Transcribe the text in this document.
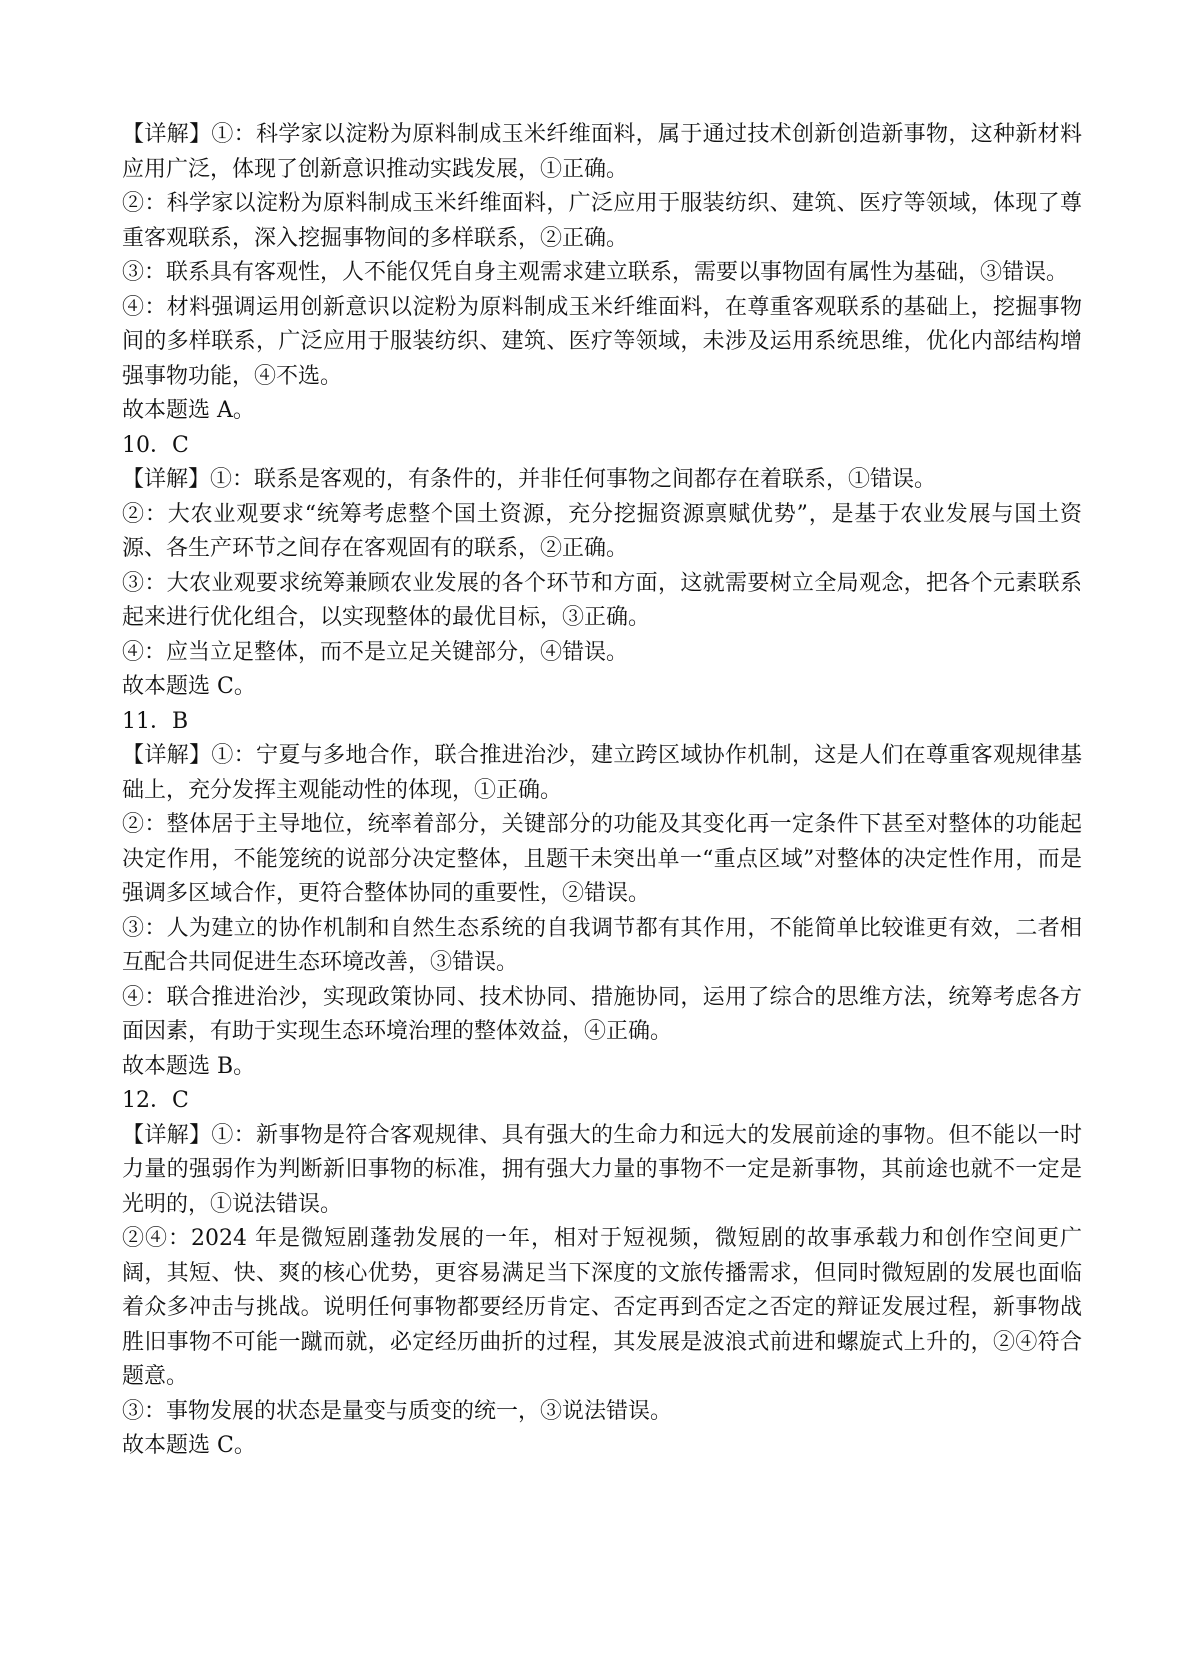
【详解】①：科学家以淀粉为原料制成玉米纤维面料，属于通过技术创新创造新事物，这种新材料应用广泛，体现了创新意识推动实践发展，①正确。

②：科学家以淀粉为原料制成玉米纤维面料，广泛应用于服装纺织、建筑、医疗等领域，体现了尊重客观联系，深入挖掘事物间的多样联系，②正确。

③：联系具有客观性，人不能仅凭自身主观需求建立联系，需要以事物固有属性为基础，③错误。

④：材料强调运用创新意识以淀粉为原料制成玉米纤维面料，在尊重客观联系的基础上，挖掘事物间的多样联系，广泛应用于服装纺织、建筑、医疗等领域，未涉及运用系统思维，优化内部结构增强事物功能，④不选。

故本题选 A。

10．C

【详解】①：联系是客观的，有条件的，并非任何事物之间都存在着联系，①错误。

②：大农业观要求“统筹考虑整个国土资源，充分挖掘资源禀赋优势”，是基于农业发展与国土资源、各生产环节之间存在客观固有的联系，②正确。

③：大农业观要求统筹兼顾农业发展的各个环节和方面，这就需要树立全局观念，把各个元素联系起来进行优化组合，以实现整体的最优目标，③正确。

④：应当立足整体，而不是立足关键部分，④错误。

故本题选 C。

11．B

【详解】①：宁夏与多地合作，联合推进治沙，建立跨区域协作机制，这是人们在尊重客观规律基础上，充分发挥主观能动性的体现，①正确。

②：整体居于主导地位，统率着部分，关键部分的功能及其变化再一定条件下甚至对整体的功能起决定作用，不能笼统的说部分决定整体，且题干未突出单一“重点区域”对整体的决定性作用，而是强调多区域合作，更符合整体协同的重要性，②错误。

③：人为建立的协作机制和自然生态系统的自我调节都有其作用，不能简单比较谁更有效，二者相互配合共同促进生态环境改善，③错误。

④：联合推进治沙，实现政策协同、技术协同、措施协同，运用了综合的思维方法，统筹考虑各方面因素，有助于实现生态环境治理的整体效益，④正确。

故本题选 B。

12．C

【详解】①：新事物是符合客观规律、具有强大的生命力和远大的发展前途的事物。但不能以一时力量的强弱作为判断新旧事物的标准，拥有强大力量的事物不一定是新事物，其前途也就不一定是光明的，①说法错误。

②④：2024 年是微短剧蓬勃发展的一年，相对于短视频，微短剧的故事承载力和创作空间更广阔，其短、快、爽的核心优势，更容易满足当下深度的文旅传播需求，但同时微短剧的发展也面临着众多冲击与挑战。说明任何事物都要经历肯定、否定再到否定之否定的辩证发展过程，新事物战胜旧事物不可能一蹴而就，必定经历曲折的过程，其发展是波浪式前进和螺旋式上升的，②④符合题意。

③：事物发展的状态是量变与质变的统一，③说法错误。

故本题选 C。
